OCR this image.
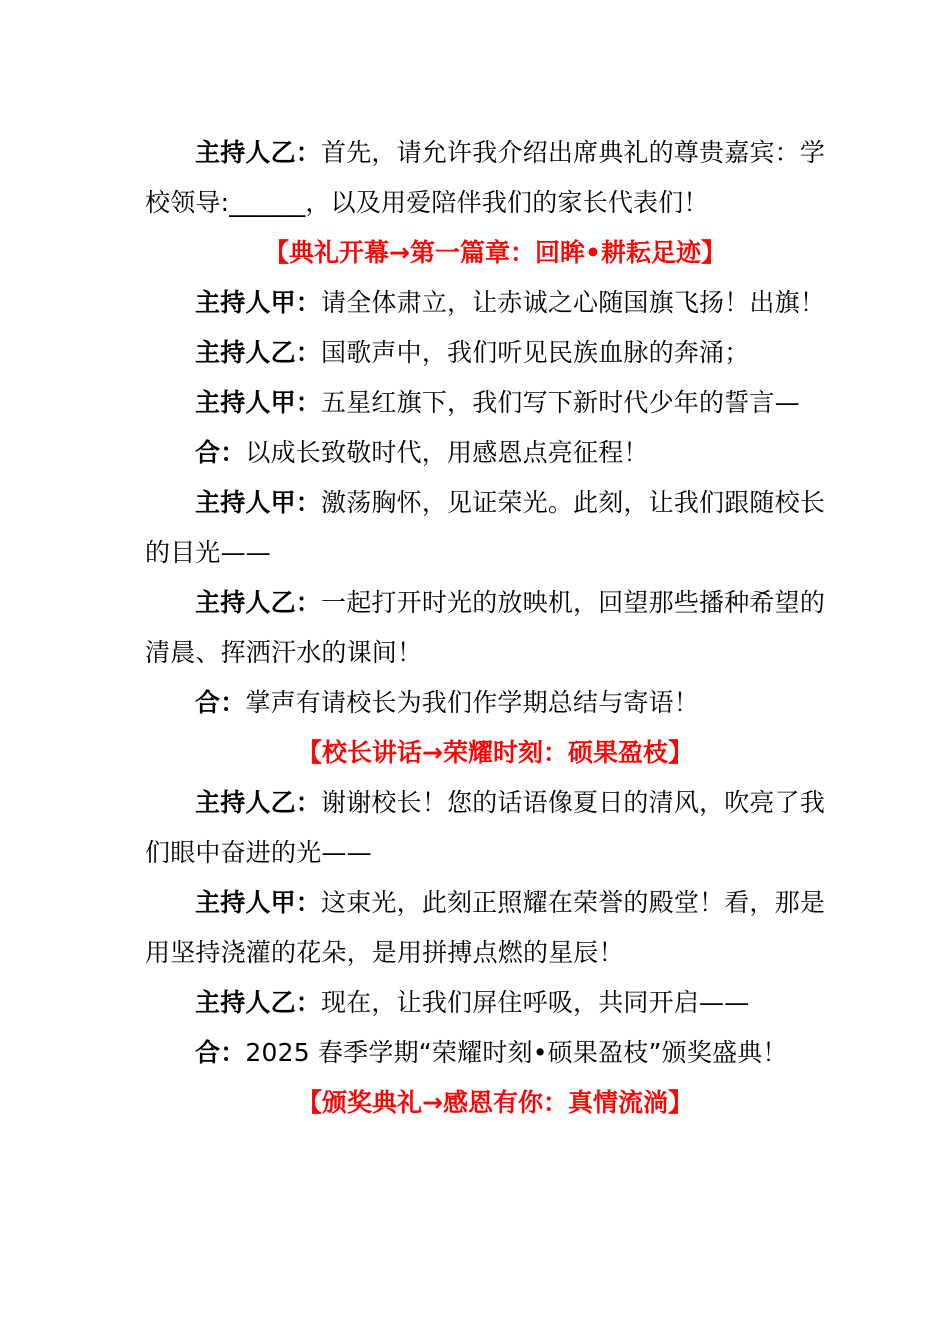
主持人乙：首先，请允许我介绍出席典礼的尊贵嘉宾：学校领导:______，以及用爱陪伴我们的家长代表们！

【典礼开幕→第一篇章：回眸•耕耘足迹】

主持人甲：请全体肃立，让赤诚之心随国旗飞扬！出旗！

主持人乙：国歌声中，我们听见民族血脉的奔涌；

主持人甲：五星红旗下，我们写下新时代少年的誓言—

合：以成长致敬时代，用感恩点亮征程！

主持人甲：激荡胸怀，见证荣光。此刻，让我们跟随校长的目光——

主持人乙：一起打开时光的放映机，回望那些播种希望的清晨、挥洒汗水的课间！

合：掌声有请校长为我们作学期总结与寄语！

【校长讲话→荣耀时刻：硕果盈枝】

主持人乙：谢谢校长！您的话语像夏日的清风，吹亮了我们眼中奋进的光——

主持人甲：这束光，此刻正照耀在荣誉的殿堂！看，那是用坚持浇灌的花朵，是用拼搏点燃的星辰！

主持人乙：现在，让我们屏住呼吸，共同开启——

合：2025 春季学期“荣耀时刻•硕果盈枝”颁奖盛典！

【颁奖典礼→感恩有你：真情流淌】
